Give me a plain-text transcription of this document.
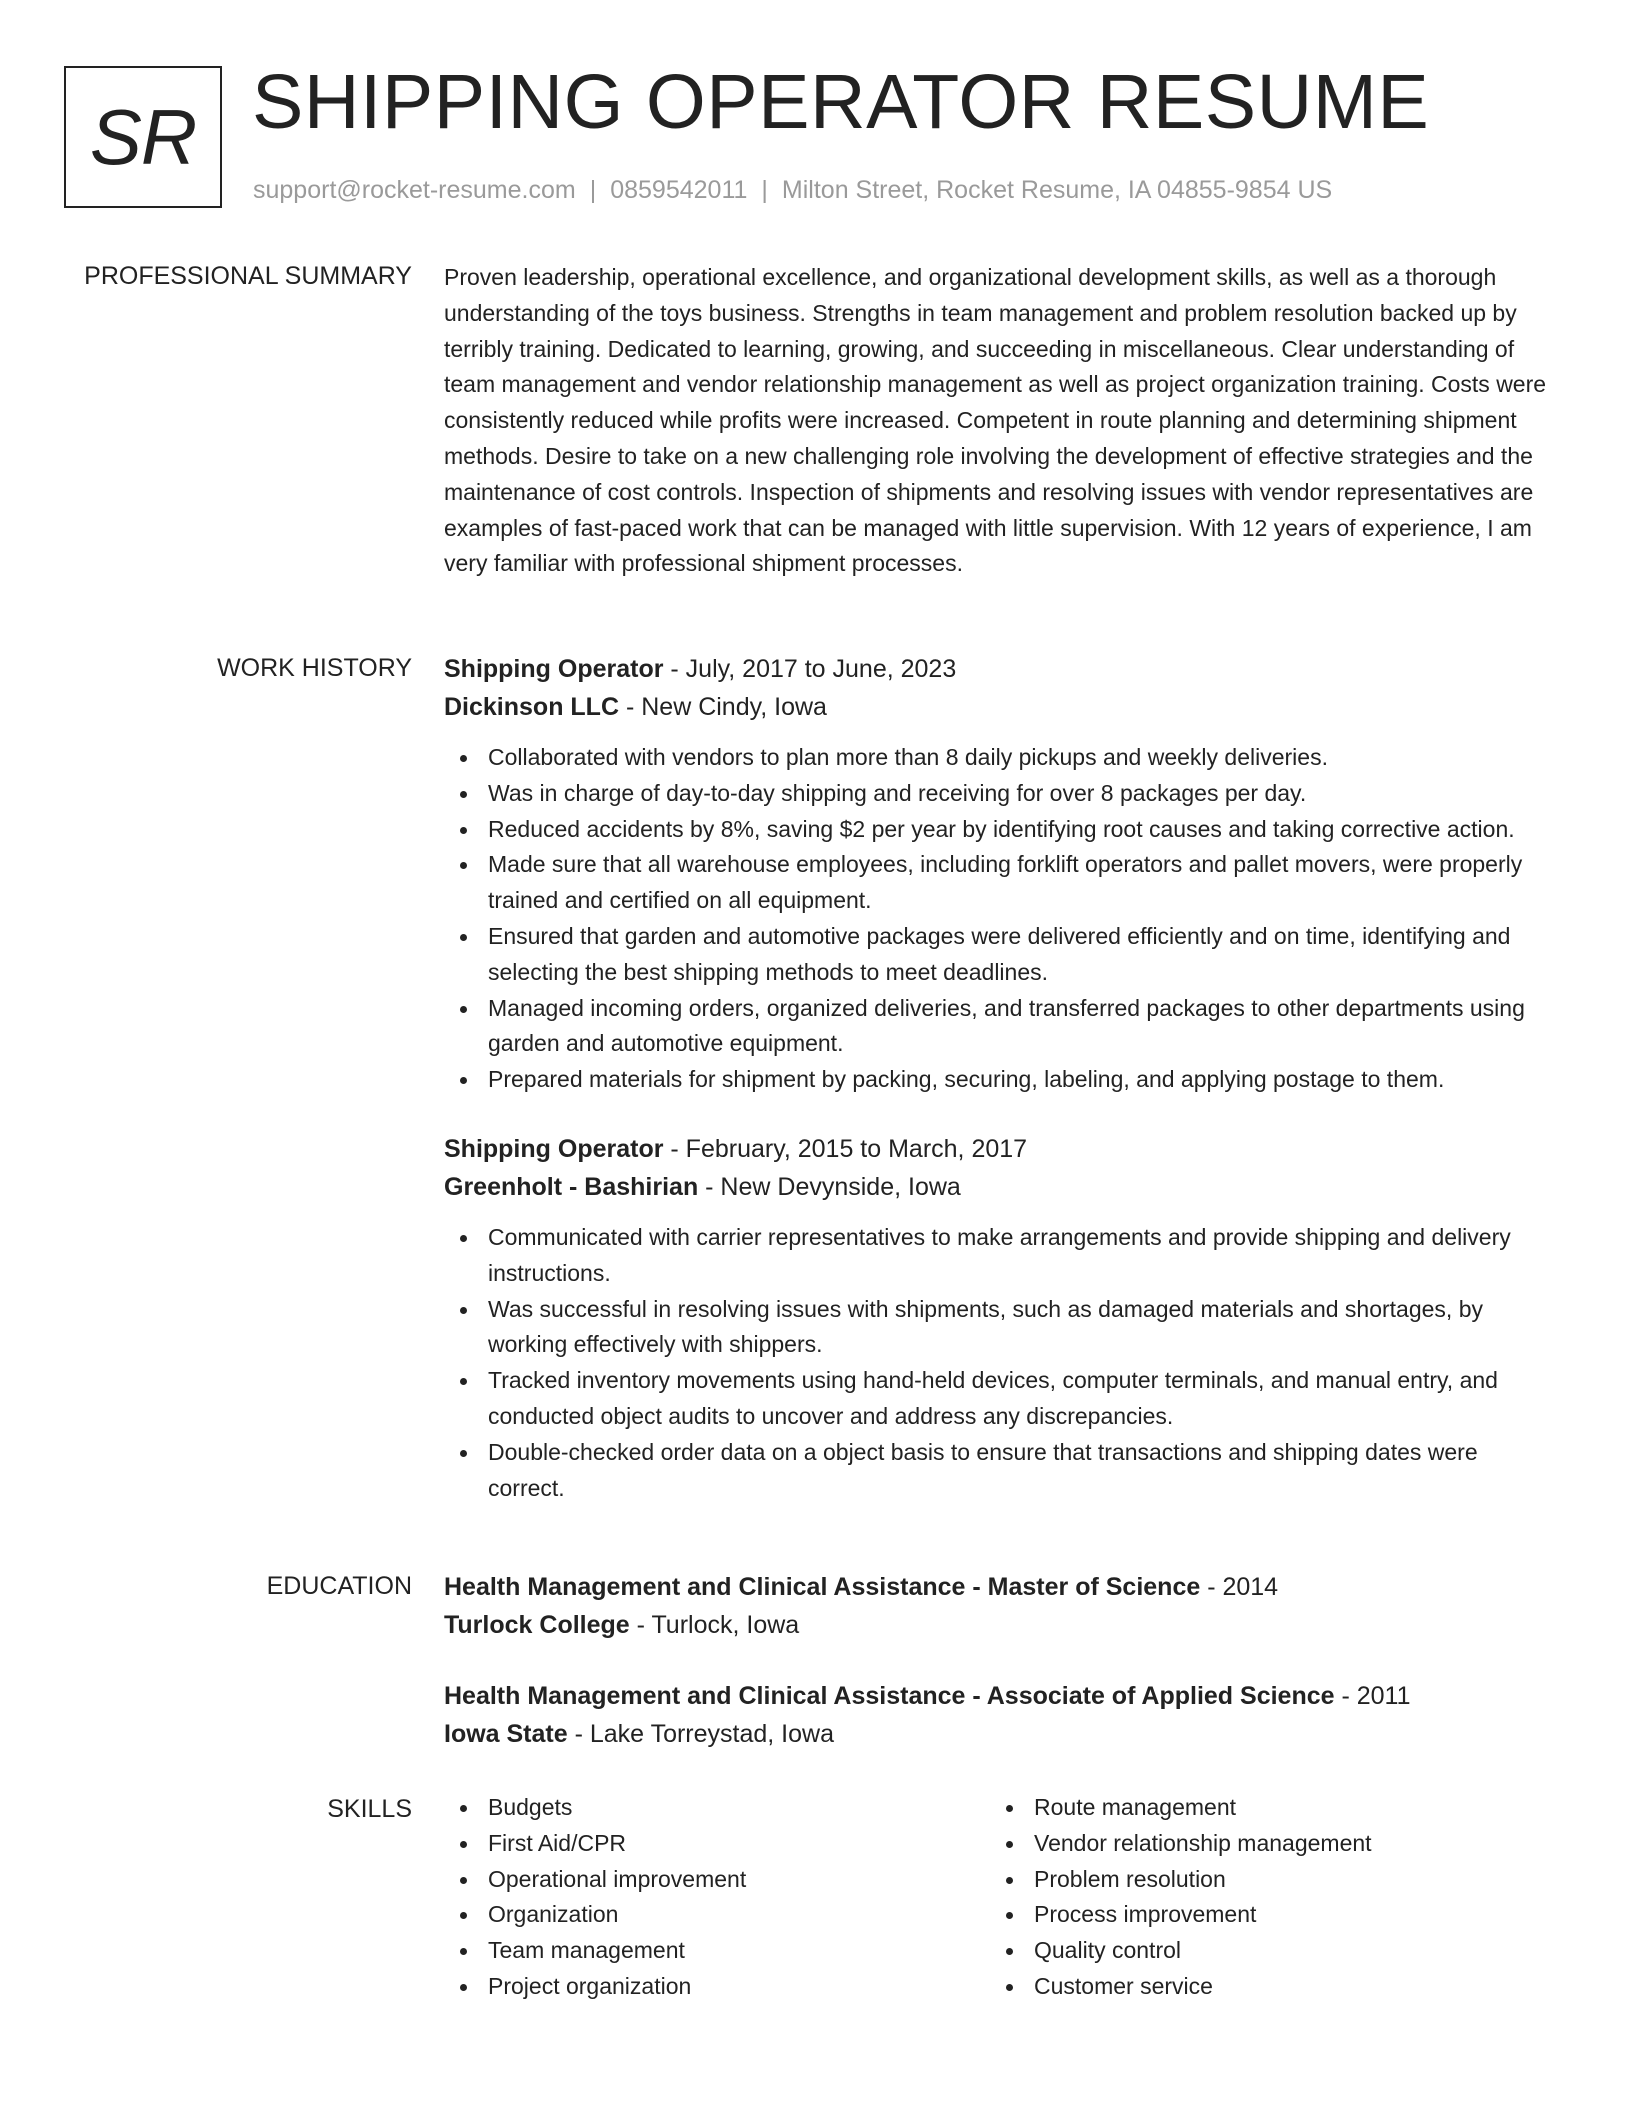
SR SHIPPING OPERATOR RESUME
support@rocket-resume.com | 0859542011 | Milton Street, Rocket Resume, IA 04855-9854 US
PROFESSIONAL SUMMARY Proven leadership, operational excellence, and organizational development skills, as well as a thorough understanding of the toys business. Strengths in team management and problem resolution backed up by terribly training. Dedicated to learning, growing, and succeeding in miscellaneous. Clear understanding of team management and vendor relationship management as well as project organization training. Costs were consistently reduced while profits were increased. Competent in route planning and determining shipment methods. Desire to take on a new challenging role involving the development of effective strategies and the maintenance of cost controls. Inspection of shipments and resolving issues with vendor representatives are examples of fast-paced work that can be managed with little supervision. With 12 years of experience, I am very familiar with professional shipment processes.

WORK HISTORY Shipping Operator - July, 2017 to June, 2023
Dickinson LLC - New Cindy, Iowa
Collaborated with vendors to plan more than 8 daily pickups and weekly deliveries.
Was in charge of day-to-day shipping and receiving for over 8 packages per day.
Reduced accidents by 8%, saving $2 per year by identifying root causes and taking corrective action.
Made sure that all warehouse employees, including forklift operators and pallet movers, were properly trained and certified on all equipment.
Ensured that garden and automotive packages were delivered efficiently and on time, identifying and selecting the best shipping methods to meet deadlines.
Managed incoming orders, organized deliveries, and transferred packages to other departments using garden and automotive equipment.
Prepared materials for shipment by packing, securing, labeling, and applying postage to them.
Shipping Operator - February, 2015 to March, 2017
Greenholt - Bashirian - New Devynside, Iowa
Communicated with carrier representatives to make arrangements and provide shipping and delivery instructions.
Was successful in resolving issues with shipments, such as damaged materials and shortages, by working effectively with shippers.
Tracked inventory movements using hand-held devices, computer terminals, and manual entry, and conducted object audits to uncover and address any discrepancies.
Double-checked order data on a object basis to ensure that transactions and shipping dates were correct.
EDUCATION Health Management and Clinical Assistance - Master of Science - 2014
Turlock College - Turlock, Iowa
Health Management and Clinical Assistance - Associate of Applied Science - 2011
Iowa State - Lake Torreystad, Iowa
SKILLS	Budgets
First Aid/CPR
Operational improvement
Organization
Team management
Project organization
Route management
Vendor relationship management
Problem resolution
Process improvement
Quality control
Customer service
